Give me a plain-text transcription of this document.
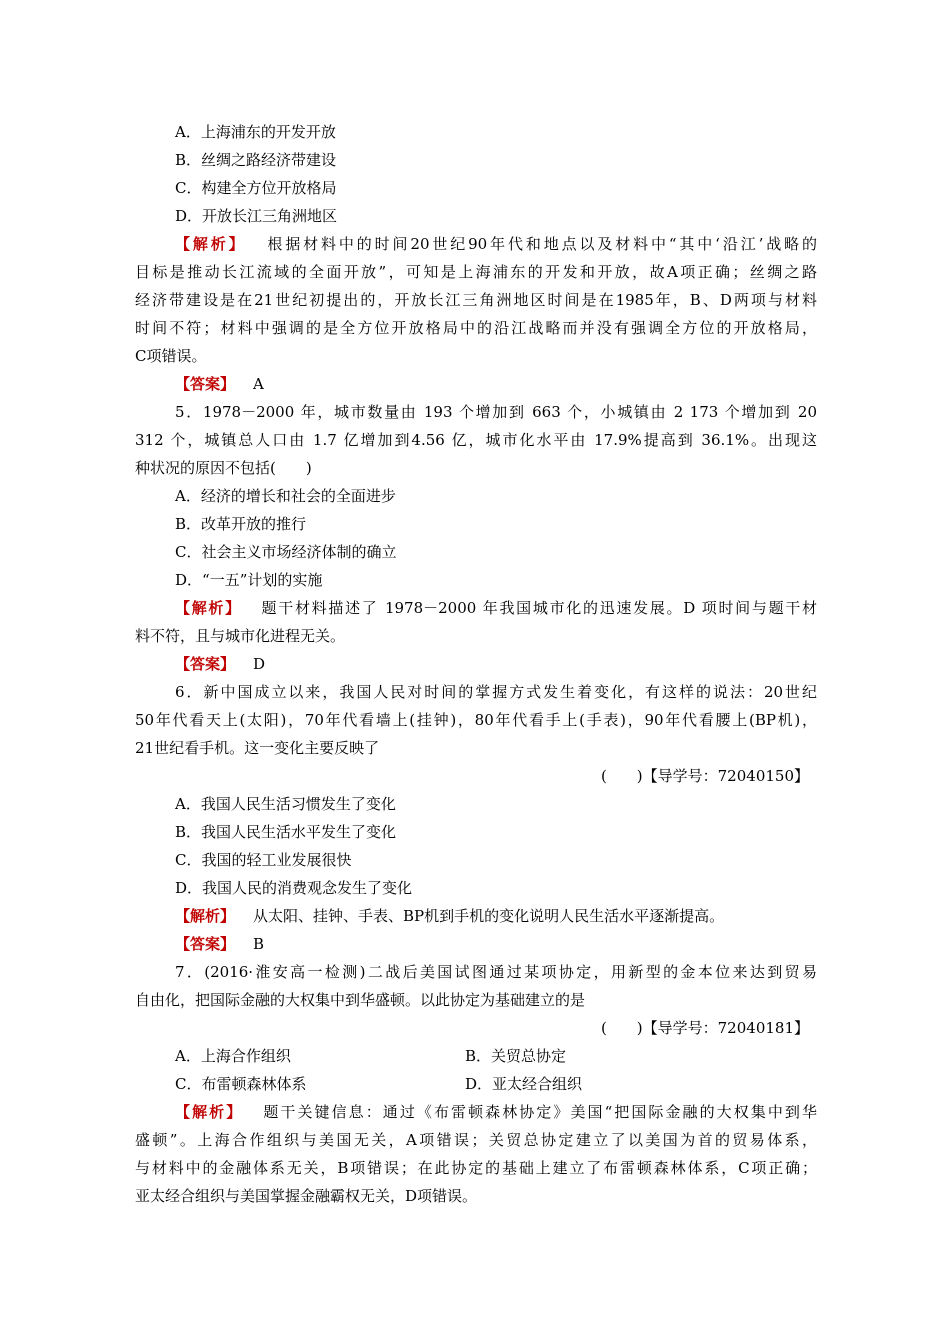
A．上海浦东的开发开放
B．丝绸之路经济带建设
C．构建全方位开放格局
D．开放长江三角洲地区
【解析】 根据材料中的时间20世纪90年代和地点以及材料中“其中‘沿江’战略的
目标是推动长江流域的全面开放”，可知是上海浦东的开发和开放，故A项正确；丝绸之路
经济带建设是在21世纪初提出的，开放长江三角洲地区时间是在1985年，B、D两项与材料
时间不符；材料中强调的是全方位开放格局中的沿江战略而并没有强调全方位的开放格局，
C项错误。
【答案】 A
5．1978－2000 年，城市数量由 193 个增加到 663 个，小城镇由 2 173 个增加到 20
312 个，城镇总人口由 1.7 亿增加到4.56 亿，城市化水平由 17.9%提高到 36.1%。出现这
种状况的原因不包括(　　)
A．经济的增长和社会的全面进步
B．改革开放的推行
C．社会主义市场经济体制的确立
D．“一五”计划的实施
【解析】 题干材料描述了 1978－2000 年我国城市化的迅速发展。D 项时间与题干材
料不符，且与城市化进程无关。
【答案】 D
6．新中国成立以来，我国人民对时间的掌握方式发生着变化，有这样的说法：20世纪
50年代看天上(太阳)，70年代看墙上(挂钟)，80年代看手上(手表)，90年代看腰上(BP机)，
21世纪看手机。这一变化主要反映了
(　　)【导学号：72040150】
A．我国人民生活习惯发生了变化
B．我国人民生活水平发生了变化
C．我国的轻工业发展很快
D．我国人民的消费观念发生了变化
【解析】 从太阳、挂钟、手表、BP机到手机的变化说明人民生活水平逐渐提高。
【答案】 B
7．(2016·淮安高一检测)二战后美国试图通过某项协定，用新型的金本位来达到贸易
自由化，把国际金融的大权集中到华盛顿。以此协定为基础建立的是
(　　)【导学号：72040181】
A．上海合作组织	B．关贸总协定
C．布雷顿森林体系	D．亚太经合组织
【解析】 题干关键信息：通过《布雷顿森林协定》美国“把国际金融的大权集中到华
盛顿”。上海合作组织与美国无关，A项错误；关贸总协定建立了以美国为首的贸易体系，
与材料中的金融体系无关，B项错误；在此协定的基础上建立了布雷顿森林体系，C项正确；
亚太经合组织与美国掌握金融霸权无关，D项错误。
